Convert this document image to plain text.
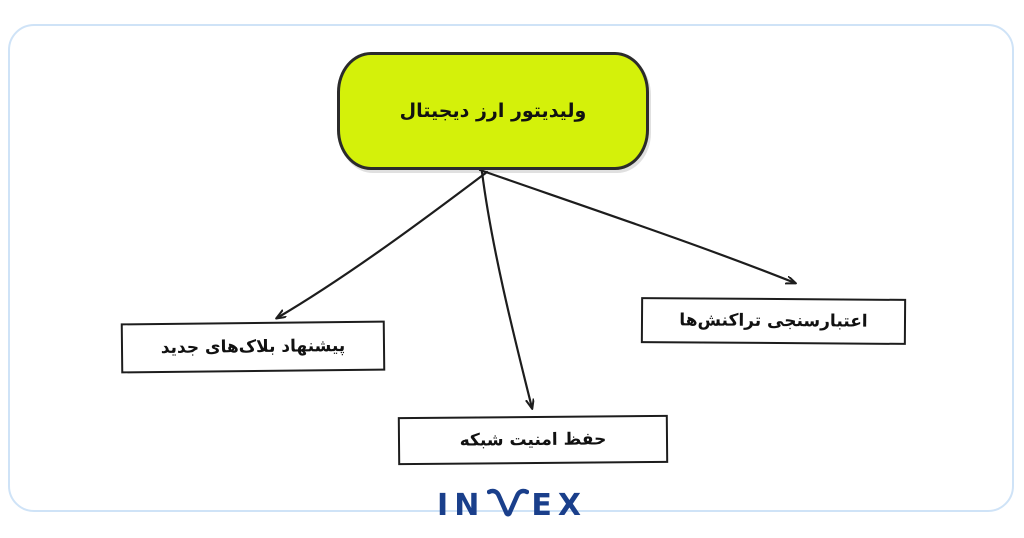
ولیدیتور ارز دیجیتال
پیشنهاد بلاک‌های جدید
حفظ امنیت شبکه
اعتبارسنجی تراکنش‌ها
IN EX
